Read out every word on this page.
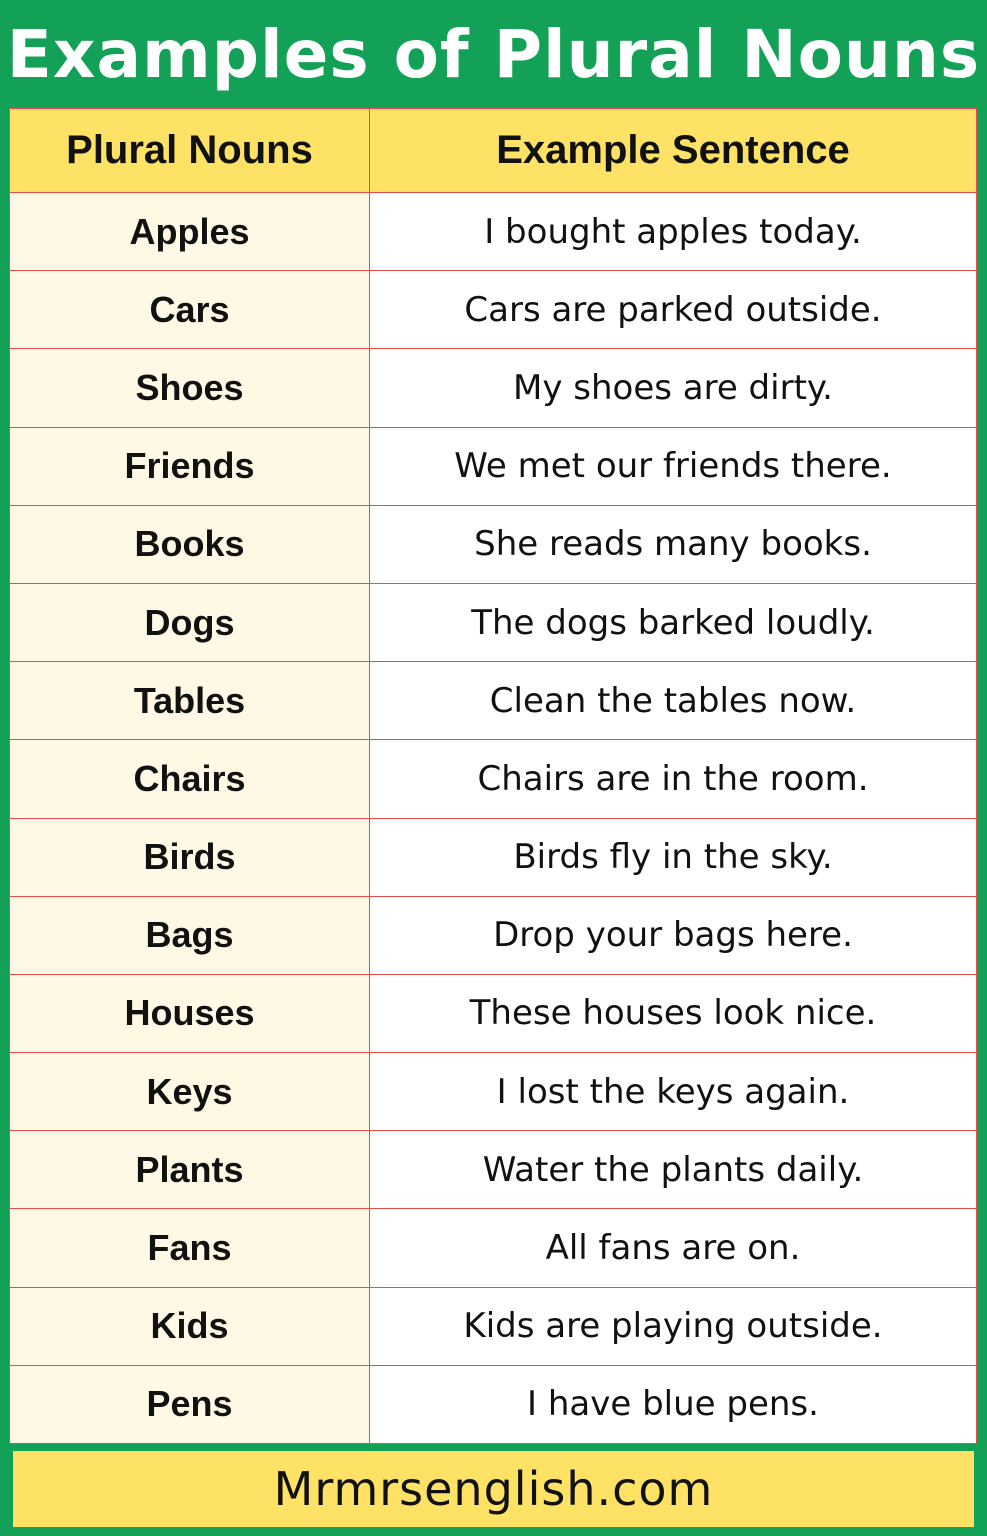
Examples of Plural Nouns
Plural Nouns	Example Sentence
Apples	I bought apples today.
Cars	Cars are parked outside.
Shoes	My shoes are dirty.
Friends	We met our friends there.
Books	She reads many books.
Dogs	The dogs barked loudly.
Tables	Clean the tables now.
Chairs	Chairs are in the room.
Birds	Birds fly in the sky.
Bags	Drop your bags here.
Houses	These houses look nice.
Keys	I lost the keys again.
Plants	Water the plants daily.
Fans	All fans are on.
Kids	Kids are playing outside.
Pens	I have blue pens.
Mrmrsenglish.com
